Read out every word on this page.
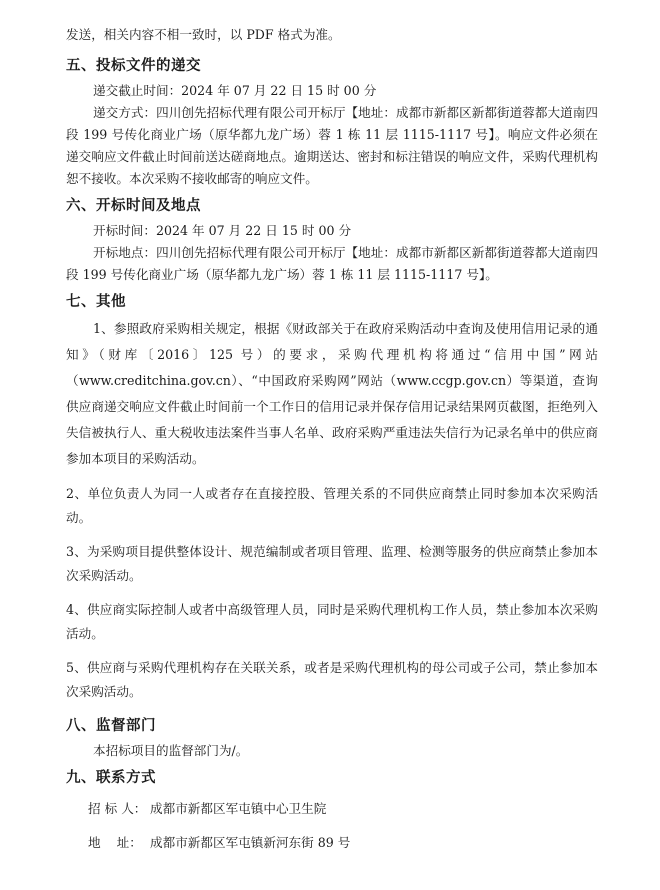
发送，相关内容不相一致时，以 PDF 格式为准。

五、投标文件的递交

递交截止时间：2024 年 07 月 22 日 15 时 00 分

递交方式：四川创先招标代理有限公司开标厅【地址：成都市新都区新都街道蓉都大道南四段 199 号传化商业广场（原华都九龙广场）蓉 1 栋 11 层 1115-1117 号】。响应文件必须在递交响应文件截止时间前送达磋商地点。逾期送达、密封和标注错误的响应文件，采购代理机构恕不接收。本次采购不接收邮寄的响应文件。

六、开标时间及地点

开标时间：2024 年 07 月 22 日 15 时 00 分

开标地点：四川创先招标代理有限公司开标厅【地址：成都市新都区新都街道蓉都大道南四段 199 号传化商业广场（原华都九龙广场）蓉 1 栋 11 层 1115-1117 号】。

七、其他

1、参照政府采购相关规定，根据《财政部关于在政府采购活动中查询及使用信用记录的通知》（财库〔2016〕125 号）的要求，采购代理机构将通过“信用中国”网站（www.creditchina.gov.cn）、“中国政府采购网”网站（www.ccgp.gov.cn）等渠道，查询供应商递交响应文件截止时间前一个工作日的信用记录并保存信用记录结果网页截图，拒绝列入失信被执行人、重大税收违法案件当事人名单、政府采购严重违法失信行为记录名单中的供应商参加本项目的采购活动。

2、单位负责人为同一人或者存在直接控股、管理关系的不同供应商禁止同时参加本次采购活动。

3、为采购项目提供整体设计、规范编制或者项目管理、监理、检测等服务的供应商禁止参加本次采购活动。

4、供应商实际控制人或者中高级管理人员，同时是采购代理机构工作人员，禁止参加本次采购活动。

5、供应商与采购代理机构存在关联关系，或者是采购代理机构的母公司或子公司，禁止参加本次采购活动。

八、监督部门

本招标项目的监督部门为/。

九、联系方式
招 标 人： 成都市新都区军屯镇中心卫生院
地    址： 成都市新都区军屯镇新河东街 89 号
